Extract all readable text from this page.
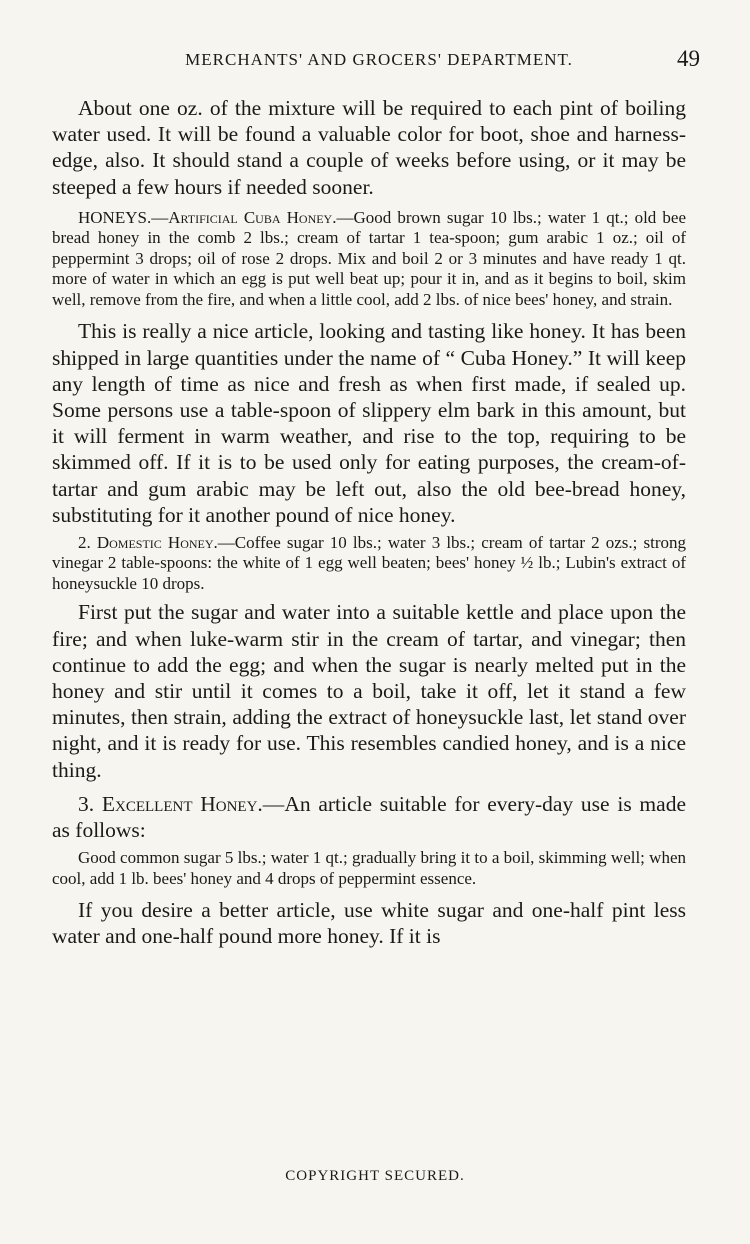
MERCHANTS' AND GROCERS' DEPARTMENT.	49

About one oz. of the mixture will be required to each pint of boiling water used. It will be found a valuable color for boot, shoe and harness-edge, also. It should stand a couple of weeks before using, or it may be steeped a few hours if needed sooner.

HONEYS.—Artificial Cuba Honey.—Good brown sugar 10 lbs.; water 1 qt.; old bee bread honey in the comb 2 lbs.; cream of tartar 1 tea-spoon; gum arabic 1 oz.; oil of peppermint 3 drops; oil of rose 2 drops. Mix and boil 2 or 3 minutes and have ready 1 qt. more of water in which an egg is put well beat up; pour it in, and as it begins to boil, skim well, remove from the fire, and when a little cool, add 2 lbs. of nice bees' honey, and strain.

This is really a nice article, looking and tasting like honey. It has been shipped in large quantities under the name of “ Cuba Honey.” It will keep any length of time as nice and fresh as when first made, if sealed up. Some persons use a table-spoon of slippery elm bark in this amount, but it will ferment in warm weather, and rise to the top, requiring to be skimmed off. If it is to be used only for eating purposes, the cream-of-tartar and gum arabic may be left out, also the old bee-bread honey, substituting for it another pound of nice honey.

2. Domestic Honey.—Coffee sugar 10 lbs.; water 3 lbs.; cream of tartar 2 ozs.; strong vinegar 2 table-spoons: the white of 1 egg well beaten; bees' honey ½ lb.; Lubin's extract of honeysuckle 10 drops.

First put the sugar and water into a suitable kettle and place upon the fire; and when luke-warm stir in the cream of tartar, and vinegar; then continue to add the egg; and when the sugar is nearly melted put in the honey and stir until it comes to a boil, take it off, let it stand a few minutes, then strain, adding the extract of honeysuckle last, let stand over night, and it is ready for use. This resembles candied honey, and is a nice thing.

3. Excellent Honey.—An article suitable for every-day use is made as follows:

Good common sugar 5 lbs.; water 1 qt.; gradually bring it to a boil, skimming well; when cool, add 1 lb. bees' honey and 4 drops of peppermint essence.

If you desire a better article, use white sugar and one-half pint less water and one-half pound more honey. If it is

COPYRIGHT SECURED.
